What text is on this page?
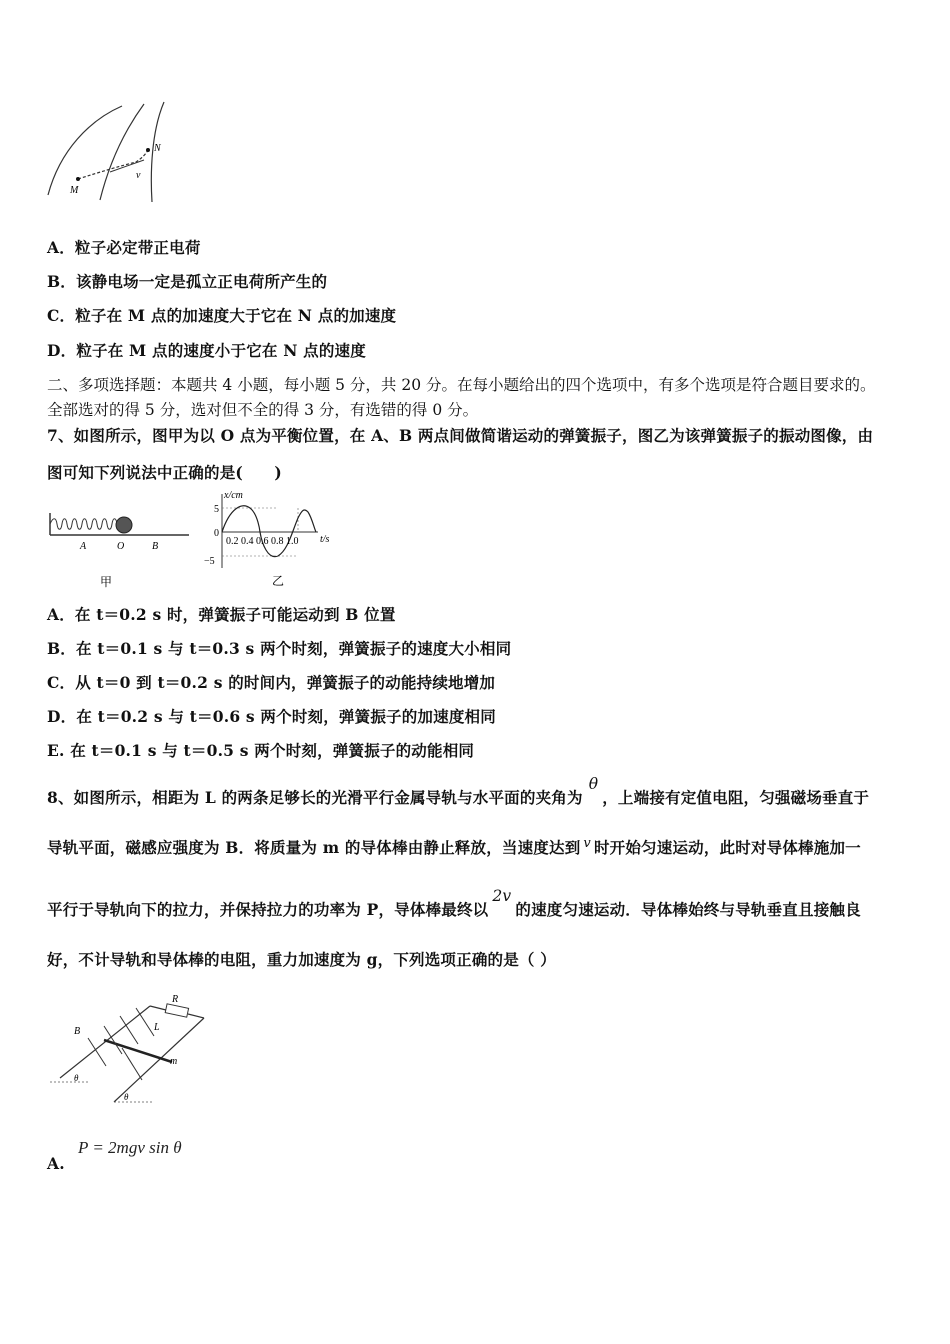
M
N
v
A．粒子必定带正电荷
B．该静电场一定是孤立正电荷所产生的
C．粒子在 M 点的加速度大于它在 N 点的加速度
D．粒子在 M 点的速度小于它在 N 点的速度
二、多项选择题：本题共 4 小题，每小题 5 分，共 20 分。在每小题给出的四个选项中，有多个选项是符合题目要求的。
全部选对的得 5 分，选对但不全的得 3 分，有选错的得 0 分。
7、如图所示，图甲为以 O 点为平衡位置，在 A、B 两点间做简谐运动的弹簧振子，图乙为该弹簧振子的振动图像，由
图可知下列说法中正确的是(　　)
A	O	B
甲
x/cm
t/s
5
0
−5
0.2 0.4 0.6 0.8 1.0
乙
A．在 t＝0.2 s 时，弹簧振子可能运动到 B 位置
B．在 t＝0.1 s 与 t＝0.3 s 两个时刻，弹簧振子的速度大小相同
C．从 t＝0 到 t＝0.2 s 的时间内，弹簧振子的动能持续地增加
D．在 t＝0.2 s 与 t＝0.6 s 两个时刻，弹簧振子的加速度相同
E. 在 t＝0.1 s 与 t＝0.5 s 两个时刻，弹簧振子的动能相同
8、如图所示，相距为 L 的两条足够长的光滑平行金属导轨与水平面的夹角为θ，上端接有定值电阻，匀强磁场垂直于
导轨平面，磁感应强度为 B．将质量为 m 的导体棒由静止释放，当速度达到 $^v$ 时开始匀速运动，此时对导体棒施加一
平行于导轨向下的拉力，并保持拉力的功率为 P，导体棒最终以2v的速度匀速运动．导体棒始终与导轨垂直且接触良
好，不计导轨和导体棒的电阻，重力加速度为 g，下列选项正确的是（ ）
B
R
L
m
θ
θ
A.
P = 2mgv sin θ
